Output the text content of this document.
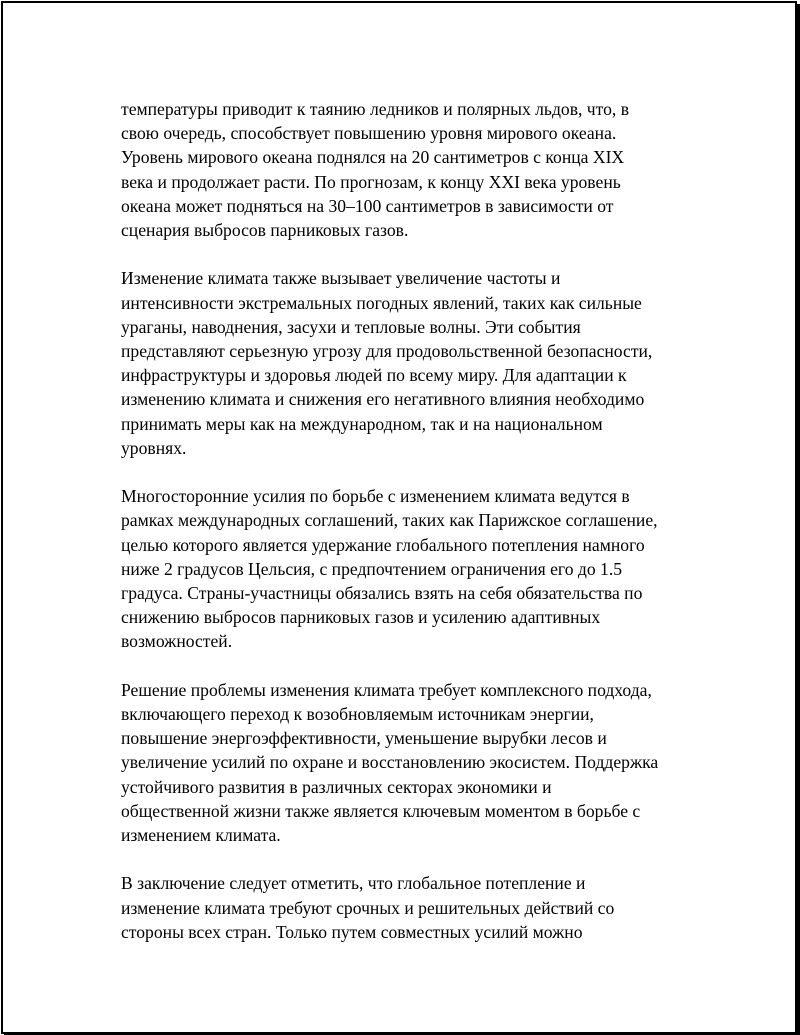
температуры приводит к таянию ледников и полярных льдов, что, в
свою очередь, способствует повышению уровня мирового океана.
Уровень мирового океана поднялся на 20 сантиметров с конца XIX
века и продолжает расти. По прогнозам, к концу XXI века уровень
океана может подняться на 30–100 сантиметров в зависимости от
сценария выбросов парниковых газов.

Изменение климата также вызывает увеличение частоты и
интенсивности экстремальных погодных явлений, таких как сильные
ураганы, наводнения, засухи и тепловые волны. Эти события
представляют серьезную угрозу для продовольственной безопасности,
инфраструктуры и здоровья людей по всему миру. Для адаптации к
изменению климата и снижения его негативного влияния необходимо
принимать меры как на международном, так и на национальном
уровнях.

Многосторонние усилия по борьбе с изменением климата ведутся в
рамках международных соглашений, таких как Парижское соглашение,
целью которого является удержание глобального потепления намного
ниже 2 градусов Цельсия, с предпочтением ограничения его до 1.5
градуса. Страны-участницы обязались взять на себя обязательства по
снижению выбросов парниковых газов и усилению адаптивных
возможностей.

Решение проблемы изменения климата требует комплексного подхода,
включающего переход к возобновляемым источникам энергии,
повышение энергоэффективности, уменьшение вырубки лесов и
увеличение усилий по охране и восстановлению экосистем. Поддержка
устойчивого развития в различных секторах экономики и
общественной жизни также является ключевым моментом в борьбе с
изменением климата.

В заключение следует отметить, что глобальное потепление и
изменение климата требуют срочных и решительных действий со
стороны всех стран. Только путем совместных усилий можно
